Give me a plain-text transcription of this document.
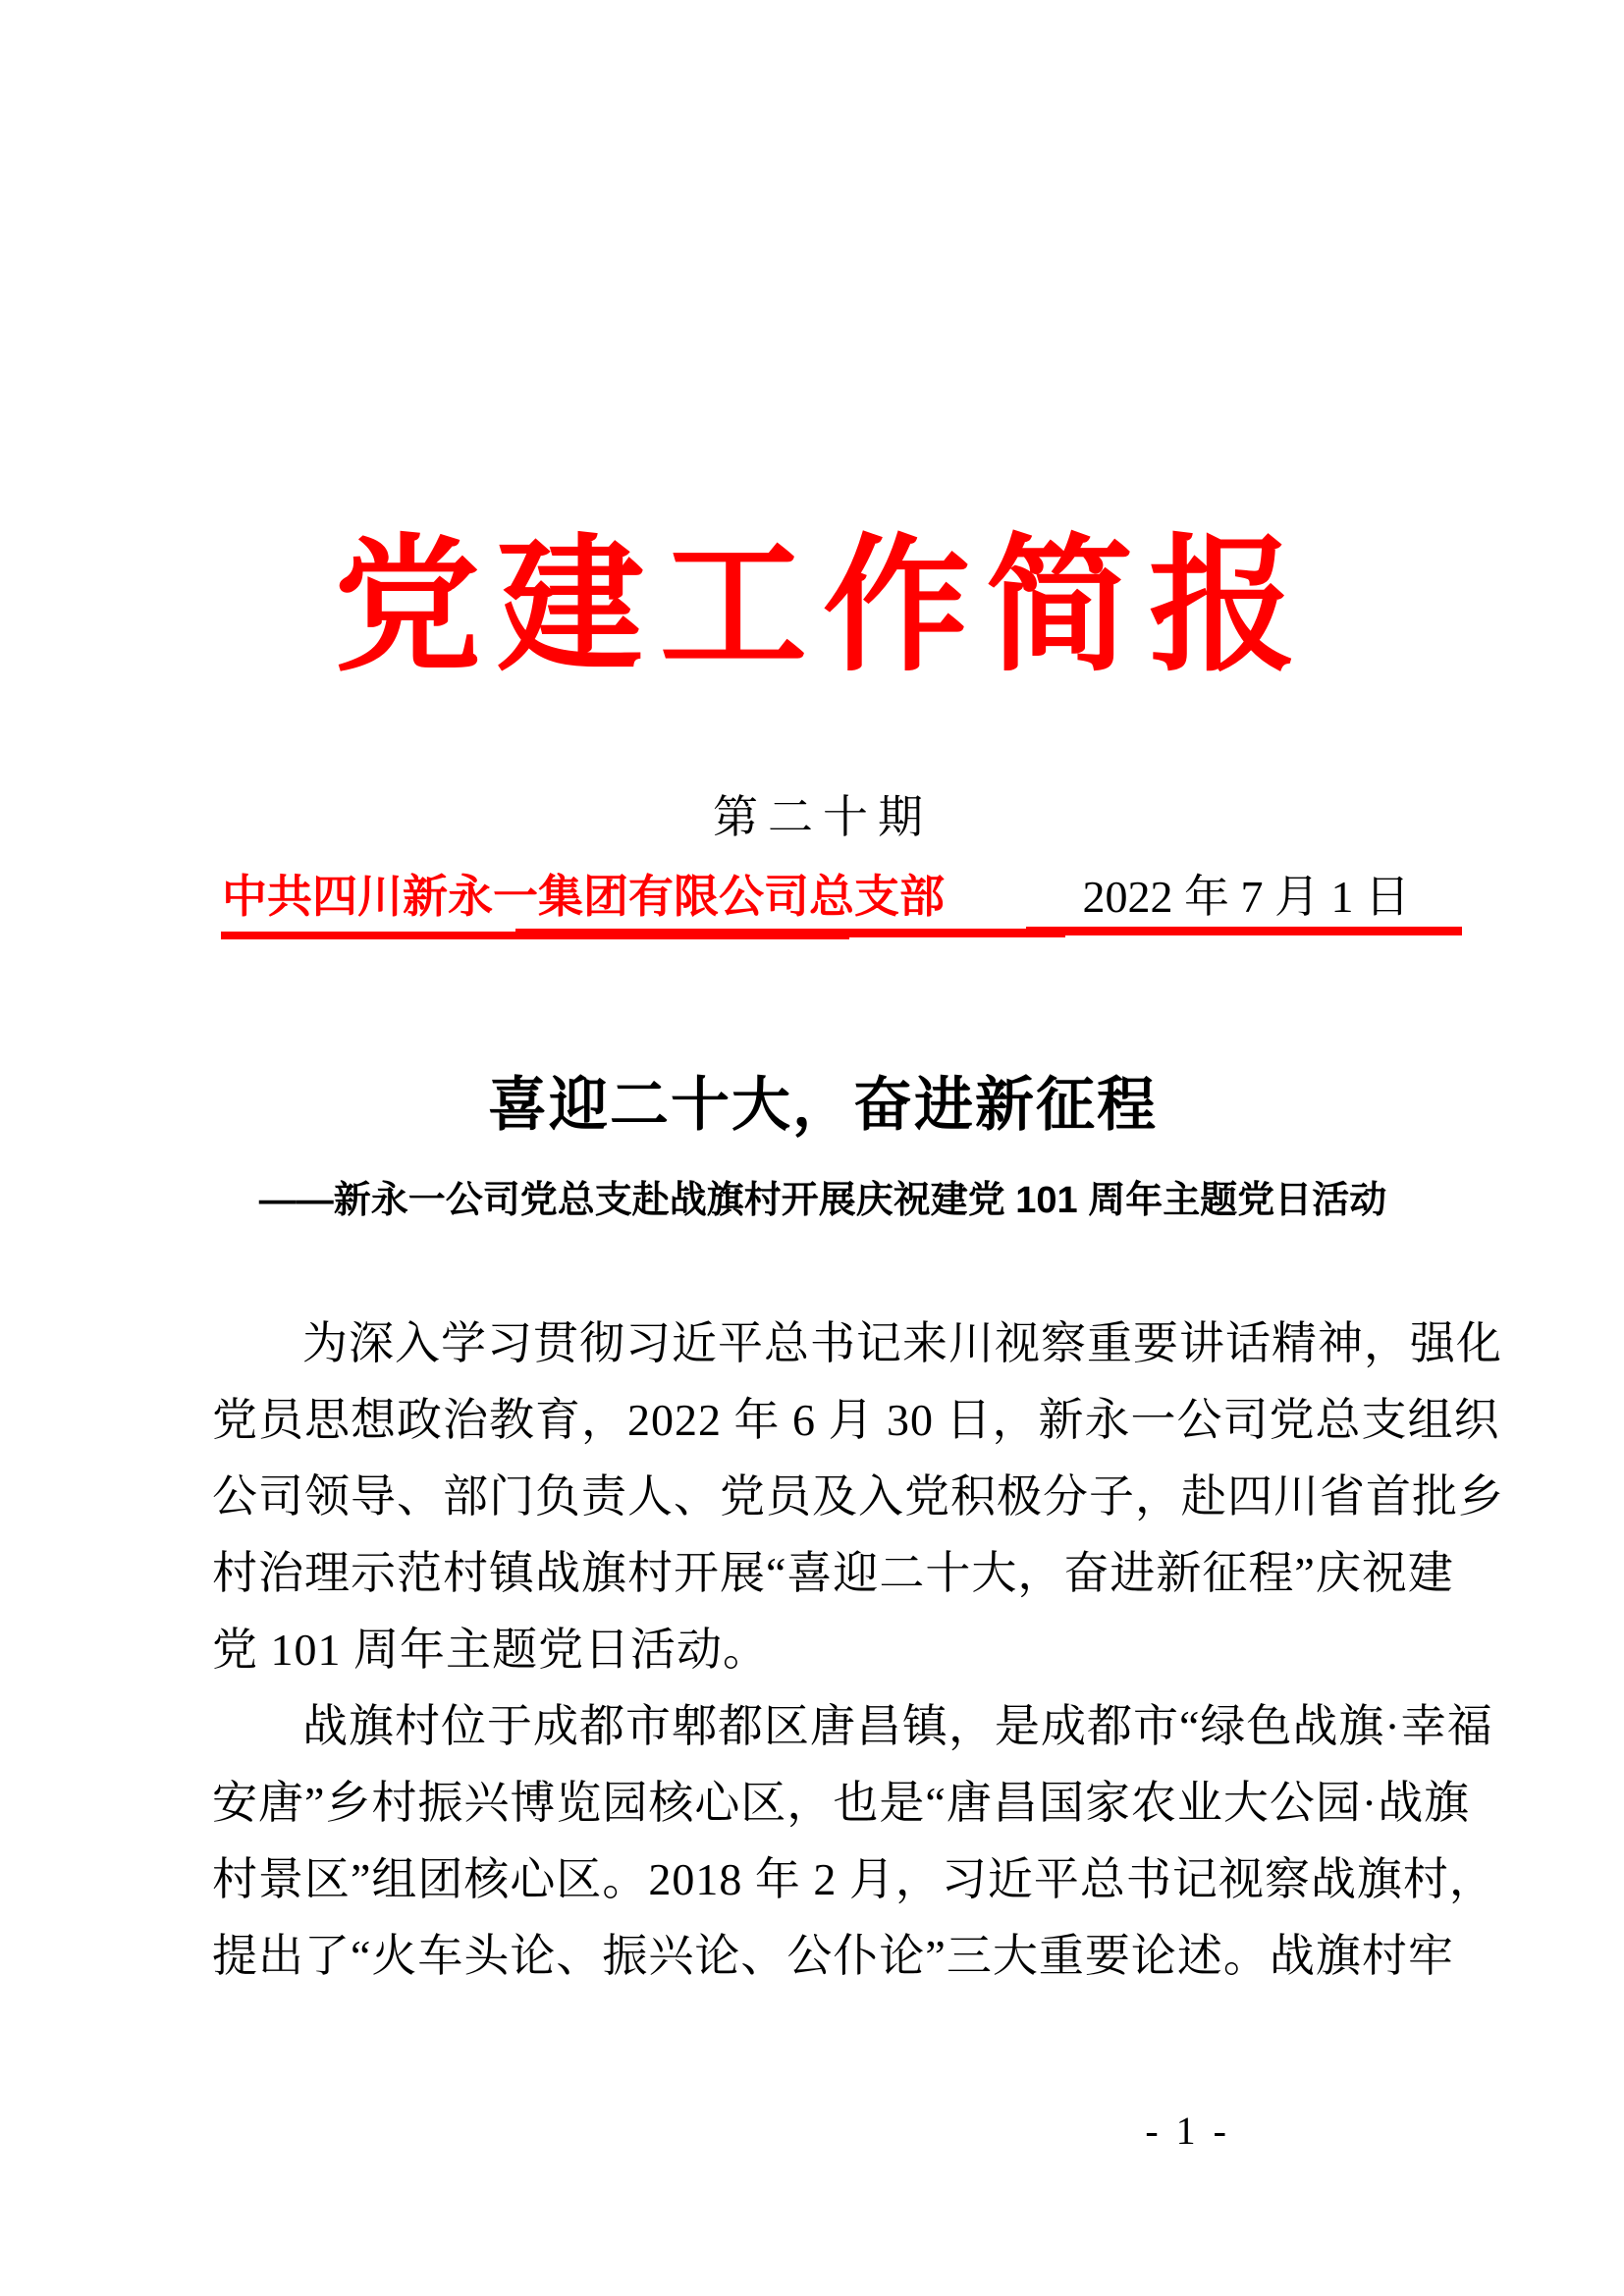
党建工作简报
第二十期
中共四川新永一集团有限公司总支部	2022 年 7 月 1 日
喜迎二十大，奋进新征程
——新永一公司党总支赴战旗村开展庆祝建党 101 周年主题党日活动
为深入学习贯彻习近平总书记来川视察重要讲话精神，强化
党员思想政治教育，2022 年 6 月 30 日，新永一公司党总支组织
公司领导、部门负责人、党员及入党积极分子，赴四川省首批乡
村治理示范村镇战旗村开展“喜迎二十大，奋进新征程”庆祝建
党 101 周年主题党日活动。
战旗村位于成都市郫都区唐昌镇，是成都市“绿色战旗·幸福
安唐”乡村振兴博览园核心区，也是“唐昌国家农业大公园·战旗
村景区”组团核心区。2018 年 2 月，习近平总书记视察战旗村，
提出了“火车头论、振兴论、公仆论”三大重要论述。战旗村牢
- 1 -
